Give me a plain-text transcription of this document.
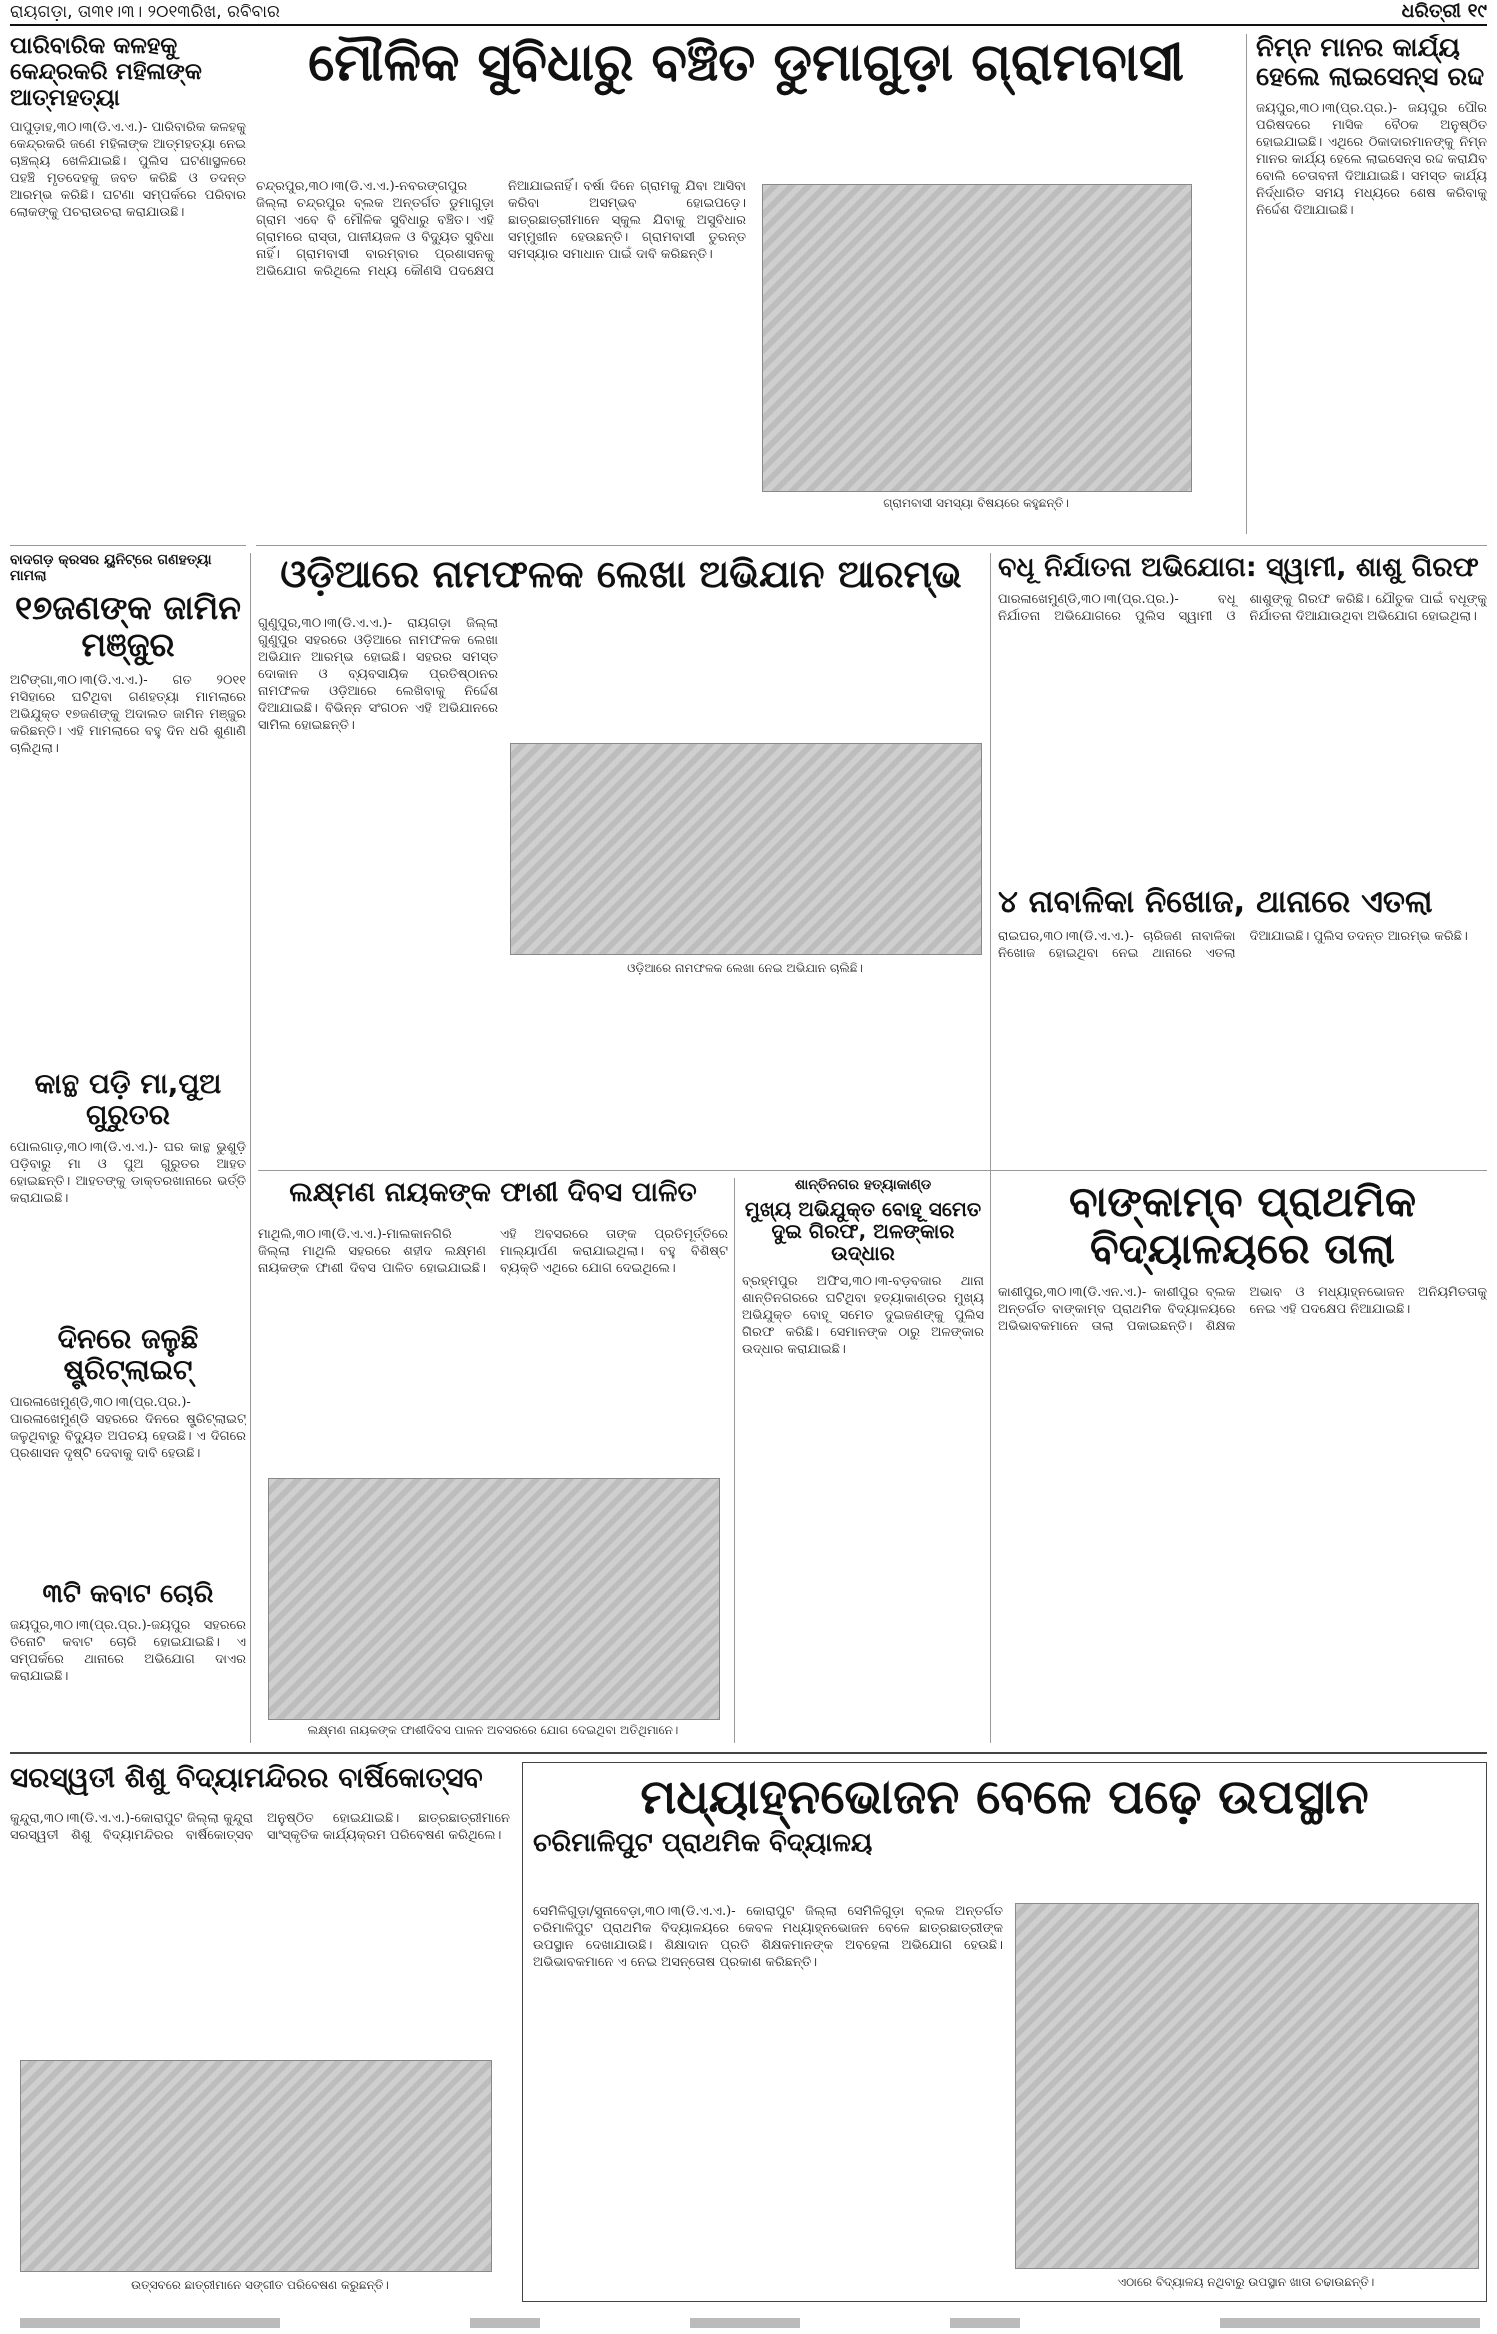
ରାୟଗଡ଼ା, ତା୩୧।୩। ୨୦୧୩ରିଖ, ରବିବାର	ଧରିତ୍ରୀ ୧୯
ପାରିବାରିକ କଳହକୁ କେନ୍ଦ୍ରକରି ମହିଳାଙ୍କ ଆତ୍ମହତ୍ୟା
ପାପୁଡ଼ାହ,୩୦।୩(ଡି.ଏ.ଏ.)- ପାରିବାରିକ କଳହକୁ କେନ୍ଦ୍ରକରି ଜଣେ ମହିଳାଙ୍କ ଆତ୍ମହତ୍ୟା ନେଇ ଚାଞ୍ଚଲ୍ୟ ଖେଳିଯାଇଛି। ପୁଲିସ ଘଟଣାସ୍ଥଳରେ ପହଞ୍ଚି ମୃତଦେହକୁ ଜବତ କରିଛି ଓ ତଦନ୍ତ ଆରମ୍ଭ କରିଛି। ଘଟଣା ସମ୍ପର୍କରେ ପରିବାର ଲୋକଙ୍କୁ ପଚରାଉଚରା କରାଯାଉଛି।
ମୌଳିକ ସୁବିଧାରୁ ବଞ୍ଚିତ ଡୁମାଗୁଡ଼ା ଗ୍ରାମବାସୀ
ଚନ୍ଦ୍ରପୁର,୩୦।୩(ଡି.ଏ.ଏ.)-ନବରଙ୍ଗପୁର ଜିଲ୍ଲା ଚନ୍ଦ୍ରପୁର ବ୍ଲକ ଅନ୍ତର୍ଗତ ଡୁମାଗୁଡ଼ା ଗ୍ରାମ ଏବେ ବି ମୌଳିକ ସୁବିଧାରୁ ବଞ୍ଚିତ। ଏହି ଗ୍ରାମରେ ରାସ୍ତା, ପାନୀୟଜଳ ଓ ବିଦ୍ୟୁତ ସୁବିଧା ନାହିଁ। ଗ୍ରାମବାସୀ ବାରମ୍ବାର ପ୍ରଶାସନକୁ ଅଭିଯୋଗ କରିଥିଲେ ମଧ୍ୟ କୌଣସି ପଦକ୍ଷେପ ନିଆଯାଇନାହିଁ। ବର୍ଷା ଦିନେ ଗ୍ରାମକୁ ଯିବା ଆସିବା କରିବା ଅସମ୍ଭବ ହୋଇପଡ଼େ। ଛାତ୍ରଛାତ୍ରୀମାନେ ସ୍କୁଲ ଯିବାକୁ ଅସୁବିଧାର ସମ୍ମୁଖୀନ ହେଉଛନ୍ତି। ଗ୍ରାମବାସୀ ତୁରନ୍ତ ସମସ୍ୟାର ସମାଧାନ ପାଇଁ ଦାବି କରିଛନ୍ତି।
ଗ୍ରାମବାସୀ ସମସ୍ୟା ବିଷୟରେ କହୁଛନ୍ତି।
ନିମ୍ନ ମାନର କାର୍ଯ୍ୟ ହେଲେ ଲାଇସେନ୍ସ ରଦ୍ଦ
ଜୟପୁର,୩୦।୩(ପ୍ର.ପ୍ର.)- ଜୟପୁର ପୌର ପରିଷଦରେ ମାସିକ ବୈଠକ ଅନୁଷ୍ଠିତ ହୋଇଯାଇଛି। ଏଥିରେ ଠିକାଦାରମାନଙ୍କୁ ନିମ୍ନ ମାନର କାର୍ଯ୍ୟ ହେଲେ ଲାଇସେନ୍ସ ରଦ୍ଦ କରାଯିବ ବୋଲି ଚେତାବନୀ ଦିଆଯାଇଛି। ସମସ୍ତ କାର୍ଯ୍ୟ ନିର୍ଦ୍ଧାରିତ ସମୟ ମଧ୍ୟରେ ଶେଷ କରିବାକୁ ନିର୍ଦ୍ଦେଶ ଦିଆଯାଇଛି।
ବାଦଗଡ଼ କ୍ରସର ୟୁନିଟ୍‌ରେ ଗଣହତ୍ୟା ମାମଲା
୧୭ଜଣଙ୍କ ଜାମିନ ମଞ୍ଜୁର
ଅଟିଙ୍ଗା,୩୦।୩(ଡି.ଏ.ଏ.)- ଗତ ୨୦୧୧ ମସିହାରେ ଘଟିଥିବା ଗଣହତ୍ୟା ମାମଲାରେ ଅଭିଯୁକ୍ତ ୧୭ଜଣଙ୍କୁ ଅଦାଲତ ଜାମିନ ମଞ୍ଜୁର କରିଛନ୍ତି। ଏହି ମାମଲାରେ ବହୁ ଦିନ ଧରି ଶୁଣାଣି ଚାଲିଥିଲା।
କାନ୍ଥ ପଡ଼ି ମା,ପୁଅ ଗୁରୁତର
ପୋଲଗାଡ଼,୩୦।୩(ଡି.ଏ.ଏ.)- ଘର କାନ୍ଥ ଭୁଶୁଡ଼ି ପଡ଼ିବାରୁ ମା ଓ ପୁଅ ଗୁରୁତର ଆହତ ହୋଇଛନ୍ତି। ଆହତଙ୍କୁ ଡାକ୍ତରଖାନାରେ ଭର୍ତ୍ତି କରାଯାଇଛି।
ଦିନରେ ଜଳୁଛି ଷ୍ଟ୍ରିଟ୍‌ଲାଇଟ୍
ପାରଳାଖେମୁଣ୍ଡି,୩୦।୩(ପ୍ର.ପ୍ର.)-ପାରଳାଖେମୁଣ୍ଡି ସହରରେ ଦିନରେ ଷ୍ଟ୍ରିଟ୍‌ଲାଇଟ୍ ଜଳୁଥିବାରୁ ବିଦ୍ୟୁତ ଅପଚୟ ହେଉଛି। ଏ ଦିଗରେ ପ୍ରଶାସନ ଦୃଷ୍ଟି ଦେବାକୁ ଦାବି ହେଉଛି।
୩ଟି କବାଟ ଚୋରି
ଜୟପୁର,୩୦।୩(ପ୍ର.ପ୍ର.)-ଜୟପୁର ସହରରେ ତିନୋଟି କବାଟ ଚୋରି ହୋଇଯାଇଛି। ଏ ସମ୍ପର୍କରେ ଥାନାରେ ଅଭିଯୋଗ ଦାଏର କରାଯାଇଛି।
ଓଡ଼ିଆରେ ନାମଫଳକ ଲେଖା ଅଭିଯାନ ଆରମ୍ଭ
ଗୁଣୁପୁର,୩୦।୩(ଡି.ଏ.ଏ.)- ରାୟଗଡ଼ା ଜିଲ୍ଲା ଗୁଣୁପୁର ସହରରେ ଓଡ଼ିଆରେ ନାମଫଳକ ଲେଖା ଅଭିଯାନ ଆରମ୍ଭ ହୋଇଛି। ସହରର ସମସ୍ତ ଦୋକାନ ଓ ବ୍ୟବସାୟିକ ପ୍ରତିଷ୍ଠାନର ନାମଫଳକ ଓଡ଼ିଆରେ ଲେଖିବାକୁ ନିର୍ଦ୍ଦେଶ ଦିଆଯାଇଛି। ବିଭିନ୍ନ ସଂଗଠନ ଏହି ଅଭିଯାନରେ ସାମିଲ ହୋଇଛନ୍ତି।
ଓଡ଼ିଆରେ ନାମଫଳକ ଲେଖା ନେଇ ଅଭିଯାନ ଚାଲିଛି।
ବଧୂ ନିର୍ଯାତନା ଅଭିଯୋଗ: ସ୍ୱାମୀ, ଶାଶୁ ଗିରଫ
ପାରଳାଖେମୁଣ୍ଡି,୩୦।୩(ପ୍ର.ପ୍ର.)- ବଧୂ ନିର୍ଯାତନା ଅଭିଯୋଗରେ ପୁଲିସ ସ୍ୱାମୀ ଓ ଶାଶୁଙ୍କୁ ଗିରଫ କରିଛି। ଯୌତୁକ ପାଇଁ ବଧୂଙ୍କୁ ନିର୍ଯାତନା ଦିଆଯାଉଥିବା ଅଭିଯୋଗ ହୋଇଥିଲା।
୪ ନାବାଳିକା ନିଖୋଜ, ଥାନାରେ ଏତଲା
ରାଇଘର,୩୦।୩(ଡି.ଏ.ଏ.)- ଚାରିଜଣ ନାବାଳିକା ନିଖୋଜ ହୋଇଥିବା ନେଇ ଥାନାରେ ଏତଲା ଦିଆଯାଇଛି। ପୁଲିସ ତଦନ୍ତ ଆରମ୍ଭ କରିଛି।
ଲକ୍ଷ୍ମଣ ନାୟକଙ୍କ ଫାଶୀ ଦିବସ ପାଳିତ
ମାଥିଲି,୩୦।୩(ଡି.ଏ.ଏ.)-ମାଲକାନଗିରି ଜିଲ୍ଲା ମାଥିଲି ସହରରେ ଶହୀଦ ଲକ୍ଷ୍ମଣ ନାୟକଙ୍କ ଫାଶୀ ଦିବସ ପାଳିତ ହୋଇଯାଇଛି। ଏହି ଅବସରରେ ତାଙ୍କ ପ୍ରତିମୂର୍ତ୍ତିରେ ମାଲ୍ୟାର୍ପଣ କରାଯାଇଥିଲା। ବହୁ ବିଶିଷ୍ଟ ବ୍ୟକ୍ତି ଏଥିରେ ଯୋଗ ଦେଇଥିଲେ।
ଲକ୍ଷ୍ମଣ ନାୟକଙ୍କ ଫାଶୀଦିବସ ପାଳନ ଅବସରରେ ଯୋଗ ଦେଇଥିବା ଅତିଥିମାନେ।
ଶାନ୍ତିନଗର ହତ୍ୟାକାଣ୍ଡ
ମୁଖ୍ୟ ଅଭିଯୁକ୍ତ ବୋହୂ ସମେତ ଦୁଇ ଗିରଫ, ଅଳଙ୍କାର ଉଦ୍ଧାର
ବ୍ରହ୍ମପୁର ଅଫିସ,୩୦।୩-ବଡ଼ବଜାର ଥାନା ଶାନ୍ତିନଗରରେ ଘଟିଥିବା ହତ୍ୟାକାଣ୍ଡର ମୁଖ୍ୟ ଅଭିଯୁକ୍ତ ବୋହୂ ସମେତ ଦୁଇଜଣଙ୍କୁ ପୁଲିସ ଗିରଫ କରିଛି। ସେମାନଙ୍କ ଠାରୁ ଅଳଙ୍କାର ଉଦ୍ଧାର କରାଯାଇଛି।
ବାଙ୍କାମ୍ବ ପ୍ରାଥମିକ ବିଦ୍ୟାଳୟରେ ତାଲା
କାଶୀପୁର,୩୦।୩(ଡି.ଏନ.ଏ.)- କାଶୀପୁର ବ୍ଲକ ଅନ୍ତର୍ଗତ ବାଙ୍କାମ୍ବ ପ୍ରାଥମିକ ବିଦ୍ୟାଳୟରେ ଅଭିଭାବକମାନେ ତାଲା ପକାଇଛନ୍ତି। ଶିକ୍ଷକ ଅଭାବ ଓ ମଧ୍ୟାହ୍ନଭୋଜନ ଅନିୟମିତତାକୁ ନେଇ ଏହି ପଦକ୍ଷେପ ନିଆଯାଇଛି।
ସରସ୍ୱତୀ ଶିଶୁ ବିଦ୍ୟାମନ୍ଦିରର ବାର୍ଷିକୋତ୍ସବ
କୁନ୍ଦୁରା,୩୦।୩(ଡି.ଏ.ଏ.)-କୋରାପୁଟ ଜିଲ୍ଲା କୁନ୍ଦୁରା ସରସ୍ୱତୀ ଶିଶୁ ବିଦ୍ୟାମନ୍ଦିରର ବାର୍ଷିକୋତ୍ସବ ଅନୁଷ୍ଠିତ ହୋଇଯାଇଛି। ଛାତ୍ରଛାତ୍ରୀମାନେ ସାଂସ୍କୃତିକ କାର୍ଯ୍ୟକ୍ରମ ପରିବେଷଣ କରିଥିଲେ।
ଉତ୍ସବରେ ଛାତ୍ରୀମାନେ ସଙ୍ଗୀତ ପରିବେଷଣ କରୁଛନ୍ତି।
ମଧ୍ୟାହ୍ନଭୋଜନ ବେଳେ ପଢ଼େ ଉପସ୍ଥାନ
ଚରିମାଳିପୁଟ ପ୍ରାଥମିକ ବିଦ୍ୟାଳୟ
ସେମିଳିଗୁଡ଼ା/ସୁନାବେଡ଼ା,୩୦।୩(ଡି.ଏ.ଏ.)- କୋରାପୁଟ ଜିଲ୍ଲା ସେମିଳିଗୁଡ଼ା ବ୍ଲକ ଅନ୍ତର୍ଗତ ଚରିମାଳିପୁଟ ପ୍ରାଥମିକ ବିଦ୍ୟାଳୟରେ କେବଳ ମଧ୍ୟାହ୍ନଭୋଜନ ବେଳେ ଛାତ୍ରଛାତ୍ରୀଙ୍କ ଉପସ୍ଥାନ ଦେଖାଯାଉଛି। ଶିକ୍ଷାଦାନ ପ୍ରତି ଶିକ୍ଷକମାନଙ୍କ ଅବହେଳା ଅଭିଯୋଗ ହେଉଛି। ଅଭିଭାବକମାନେ ଏ ନେଇ ଅସନ୍ତୋଷ ପ୍ରକାଶ କରିଛନ୍ତି।
ଏଠାରେ ବିଦ୍ୟାଳୟ ନଥିବାରୁ ଉପସ୍ଥାନ ଖାତା ଚଢାଉଛନ୍ତି।
